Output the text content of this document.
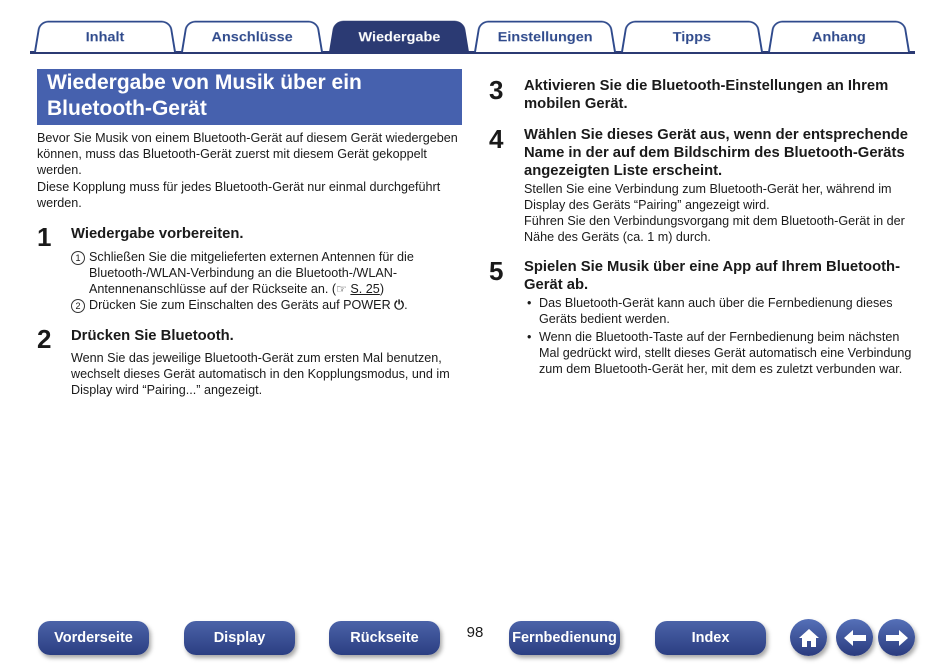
Inhalt	Anschlüsse	Wiedergabe	Einstellungen	Tipps	Anhang
Wiedergabe von Musik über ein
Bluetooth-Gerät

Bevor Sie Musik von einem Bluetooth-Gerät auf diesem Gerät wiedergeben können, muss das Bluetooth-Gerät zuerst mit diesem Gerät gekoppelt werden.

Diese Kopplung muss für jedes Bluetooth-Gerät nur einmal durchgeführt werden.

1 Wiedergabe vorbereiten.
1 Schließen Sie die mitgelieferten externen Antennen für die Bluetooth-/WLAN-Verbindung an die Bluetooth-/WLAN-Antennenanschlüsse auf der Rückseite an. (☞ S. 25)
2 Drücken Sie zum Einschalten des Geräts auf POWER ⏻.
2 Drücken Sie Bluetooth.
Wenn Sie das jeweilige Bluetooth-Gerät zum ersten Mal benutzen, wechselt dieses Gerät automatisch in den Kopplungsmodus, und im Display wird “Pairing...” angezeigt.
3 Aktivieren Sie die Bluetooth-Einstellungen an Ihrem mobilen Gerät.
4 Wählen Sie dieses Gerät aus, wenn der entsprechende Name in der auf dem Bildschirm des Bluetooth-Geräts angezeigten Liste erscheint.

Stellen Sie eine Verbindung zum Bluetooth-Gerät her, während im Display des Geräts “Pairing” angezeigt wird.

Führen Sie den Verbindungsvorgang mit dem Bluetooth-Gerät in der Nähe des Geräts (ca. 1 m) durch.

5 Spielen Sie Musik über eine App auf Ihrem Bluetooth-Gerät ab.
• Das Bluetooth-Gerät kann auch über die Fernbedienung dieses Geräts bedient werden.
• Wenn die Bluetooth-Taste auf der Fernbedienung beim nächsten Mal gedrückt wird, stellt dieses Gerät automatisch eine Verbindung zum dem Bluetooth-Gerät her, mit dem es zuletzt verbunden war.
Vorderseite	Display	Rückseite	98	Fernbedienung	Index
